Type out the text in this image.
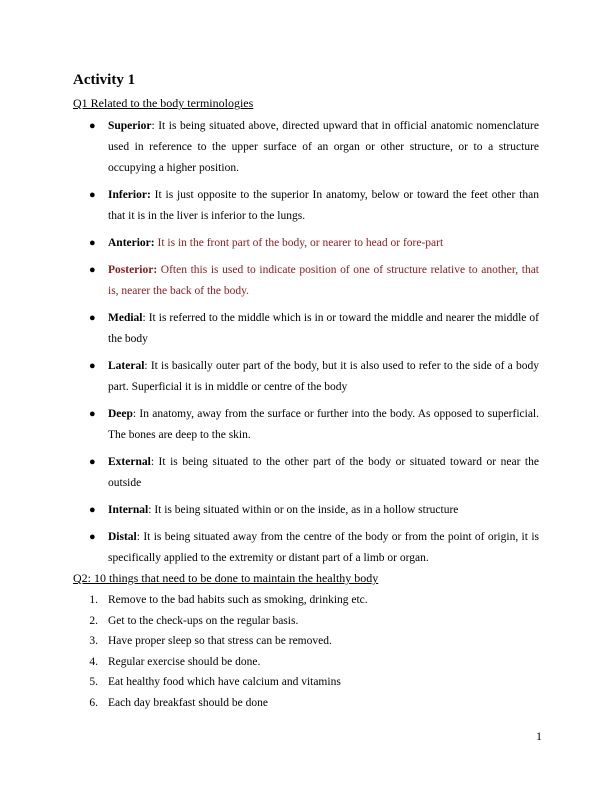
Activity 1

Q1 Related to the body terminologies

● Superior: It is being situated above, directed upward that in official anatomic nomenclature used in reference to the upper surface of an organ or other structure, or to a structure occupying a higher position.
● Inferior: It is just opposite to the superior In anatomy, below or toward the feet other than that it is in the liver is inferior to the lungs.
● Anterior: It is in the front part of the body, or nearer to head or fore-part
● Posterior: Often this is used to indicate position of one of structure relative to another, that is, nearer the back of the body.
● Medial: It is referred to the middle which is in or toward the middle and nearer the middle of the body
● Lateral: It is basically outer part of the body, but it is also used to refer to the side of a body part. Superficial it is in middle or centre of the body
● Deep: In anatomy, away from the surface or further into the body. As opposed to superficial. The bones are deep to the skin.
● External: It is being situated to the other part of the body or situated toward or near the outside
● Internal: It is being situated within or on the inside, as in a hollow structure
● Distal: It is being situated away from the centre of the body or from the point of origin, it is specifically applied to the extremity or distant part of a limb or organ.

Q2: 10 things that need to be done to maintain the healthy body

1. Remove to the bad habits such as smoking, drinking etc.
2. Get to the check-ups on the regular basis.
3. Have proper sleep so that stress can be removed.
4. Regular exercise should be done.
5. Eat healthy food which have calcium and vitamins
6. Each day breakfast should be done
1
